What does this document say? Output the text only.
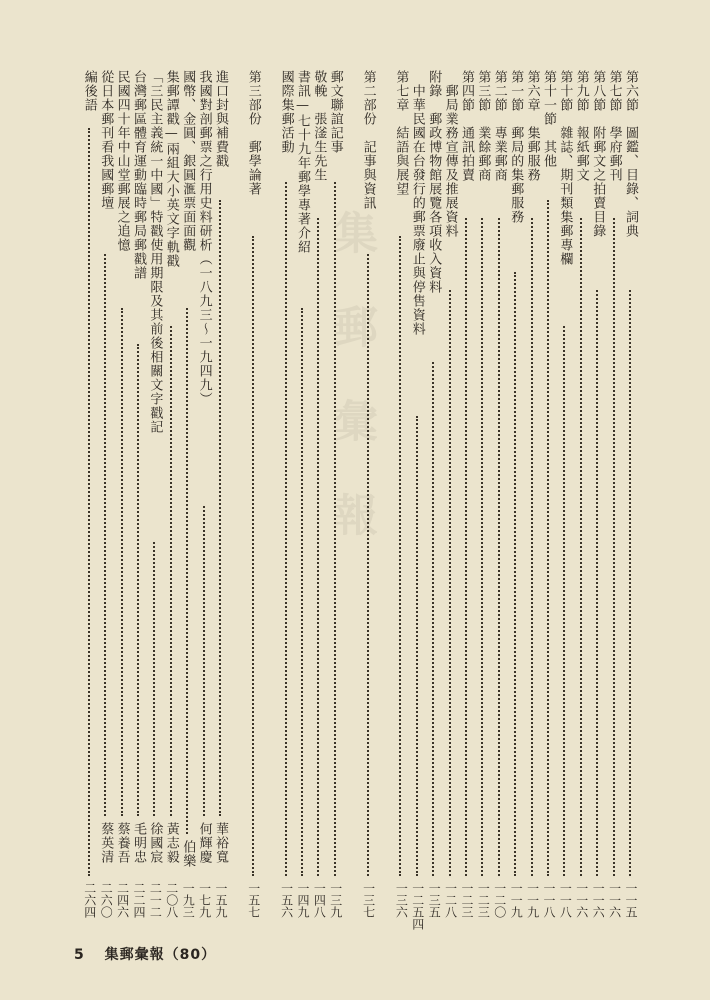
集郵彙報
第六節　圖鑑、目錄、詞典
一一五
第七節　學府郵刊
一一六
第八節　附郵文之拍賣目錄
一一六
第九節　報紙郵文
一一六
第十節　雜誌、期刊類集郵專欄
一一八
第十一節　其他
一一八
第六章　集郵服務
一一九
第一節　郵局的集郵服務
一一九
第二節　專業郵商
一二〇
第三節　業餘郵商
一二三
第四節　通訊拍賣
一二三
　郵局業務宣傳及推展資料
一二八
附錄　郵政博物館展覽各項收入資料
一三五
　中華民國在台發行的郵票廢止與停售資料
一二五四
第七章　結語與展望
一三六
第二部份　記事與資訊
一三七
郵文聯誼記事
一三九
敬輓　張滏生先生
一四八
書訊—七十九年郵學專著介紹
一四九
國際集郵活動
一五六
第三部份　郵學論著
一五七
進口封與補費戳
華裕寬
一五九
我國對剖郵票之行用史料研析（一八九三～一九四九）
何輝慶
一七九
國幣、金圓、銀圓滙票面面觀
伯樂
一九三
集郵譚戳—兩組大小英文字軌戳
黃志毅
二〇八
「三民主義統一中國」特戳使用期限及其前後相關文字戳記
徐國宸
二一二
台灣郵區體育運動臨時郵局郵戳譜
毛明忠
二二四
民國四十年中山堂郵展之追憶
蔡養吾
二四六
從日本郵刊看我國郵壇
蔡英清
二六〇
編後語
二六四
5 集郵彙報（80）
